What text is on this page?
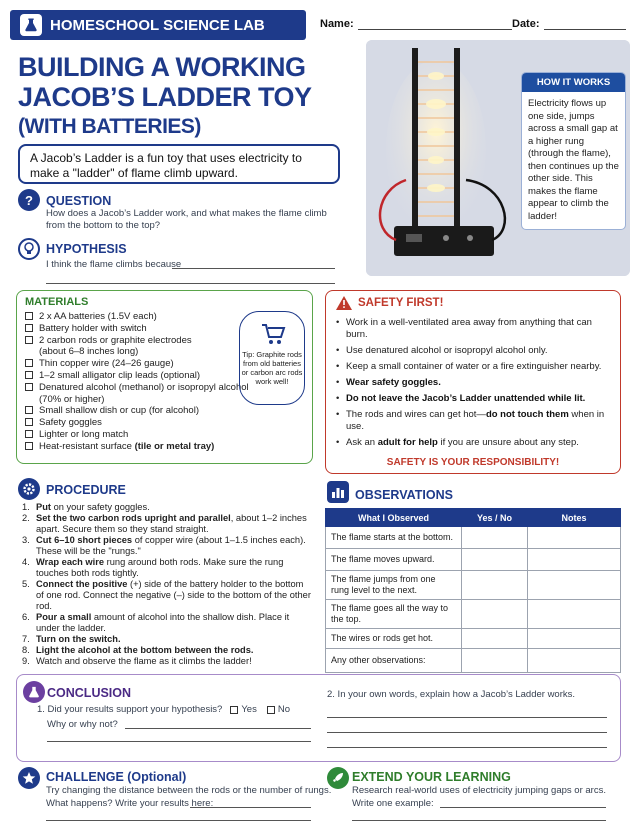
HOMESCHOOL SCIENCE LAB	Name:	Date:
BUILDING A WORKING
JACOB’S LADDER TOY
(WITH BATTERIES)
A Jacob’s Ladder is a fun toy that uses electricity to make a "ladder" of flame climb upward.
?	QUESTION
How does a Jacob’s Ladder work, and what makes the flame climb from the bottom to the top?
HYPOTHESIS
I think the flame climbs because
HOW IT WORKS
Electricity flows up one side, jumps across a small gap at a higher rung (through the flame), then continues up the other side. This makes the flame appear to climb the ladder!
MATERIALS
2 x AA batteries (1.5V each)
Battery holder with switch
2 carbon rods or graphite electrodes (about 6–8 inches long)
Thin copper wire (24–26 gauge)
1–2 small alligator clip leads (optional)
Denatured alcohol (methanol) or isopropyl alcohol (70% or higher)
Small shallow dish or cup (for alcohol)
Safety goggles
Lighter or long match
Heat-resistant surface (tile or metal tray)
Tip: Graphite rods from old batteries or carbon arc rods work well!
SAFETY FIRST!
• Work in a well-ventilated area away from anything that can burn.
• Use denatured alcohol or isopropyl alcohol only.
• Keep a small container of water or a fire extinguisher nearby.
• Wear safety goggles.
• Do not leave the Jacob’s Ladder unattended while lit.
• The rods and wires can get hot—do not touch them when in use.
• Ask an adult for help if you are unsure about any step.
SAFETY IS YOUR RESPONSIBILITY!
PROCEDURE
1. Put on your safety goggles.
2. Set the two carbon rods upright and parallel, about 1–2 inches apart. Secure them so they stand straight.
3. Cut 6–10 short pieces of copper wire (about 1–1.5 inches each). These will be the "rungs."
4. Wrap each wire rung around both rods. Make sure the rung touches both rods tightly.
5. Connect the positive (+) side of the battery holder to the bottom of one rod. Connect the negative (–) side to the bottom of the other rod.
6. Pour a small amount of alcohol into the shallow dish. Place it under the ladder.
7. Turn on the switch.
8. Light the alcohol at the bottom between the rods.
9. Watch and observe the flame as it climbs the ladder!
OBSERVATIONS
What I Observed	Yes / No	Notes
The flame starts at the bottom.		
The flame moves upward.		
The flame jumps from one rung level to the next.		
The flame goes all the way to the top.		
The wires or rods get hot.		
Any other observations:		
CONCLUSION
1. Did your results support your hypothesis? Yes No
Why or why not?
2. In your own words, explain how a Jacob’s Ladder works.
CHALLENGE (Optional)
Try changing the distance between the rods or the number of rungs.
What happens? Write your results here:
EXTEND YOUR LEARNING
Research real-world uses of electricity jumping gaps or arcs.
Write one example:
